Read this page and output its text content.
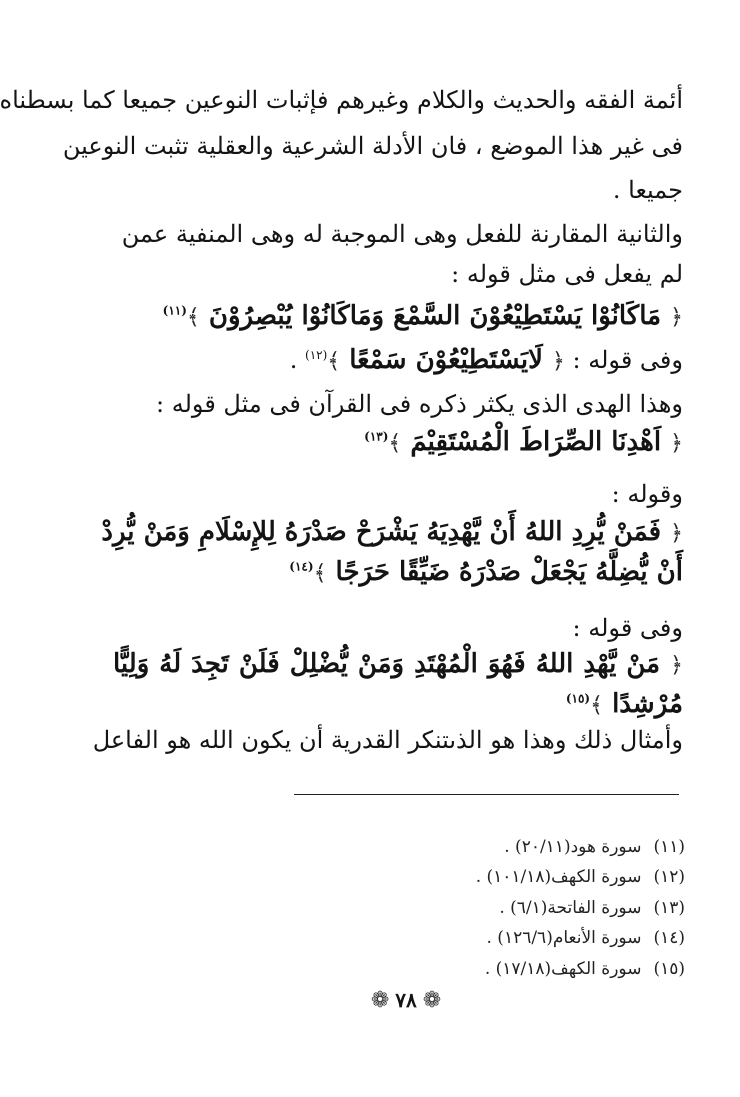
أئمة الفقه والحديث والكلام وغيرهم فإثبات النوعين جميعا كما بسطناه

فى غير هذا الموضع ، فان الأدلة الشرعية والعقلية تثبت النوعين

جميعا .

والثانية المقارنة للفعل وهى الموجبة له وهى المنفية عمن

لم يفعل فى مثل قوله :

﴿ مَاكَانُوْا يَسْتَطِيْعُوْنَ السَّمْعَ وَمَاكَانُوْا يُبْصِرُوْنَ ﴾$^{(١١)}$

وفى قوله : ﴿ لَايَسْتَطِيْعُوْنَ سَمْعًا ﴾$^{(١٢)}$ .

وهذا الهدى الذى يكثر ذكره فى القرآن فى مثل قوله :

﴿ اَهْدِنَا الصِّرَاطَ الْمُسْتَقِيْمَ ﴾$^{(١٣)}$

وقوله :

﴿ فَمَنْ يُّرِدِ اللهُ أَنْ يَّهْدِيَهُ يَشْرَحْ صَدْرَهُ لِلإِسْلَامِ وَمَنْ يُّرِدْ

أَنْ يُّضِلَّهُ يَجْعَلْ صَدْرَهُ ضَيِّقًا حَرَجًا ﴾$^{(١٤)}$

وفى قوله :

﴿ مَنْ يَّهْدِ اللهُ فَهُوَ الْمُهْتَدِ وَمَنْ يُّضْلِلْ فَلَنْ تَجِدَ لَهُ وَلِيًّا

مُرْشِدًا ﴾$^{(١٥)}$

وأمثال ذلك وهذا هو الذىتنكر القدرية أن يكون الله هو الفاعل

(١١)سورة هود(٢٠/١١) .

(١٢)سورة الكهف(١٠١/١٨) .

(١٣)سورة الفاتحة(٦/١) .

(١٤)سورة الأنعام(١٢٦/٦) .

(١٥)سورة الكهف(١٧/١٨) .

❁ ٧٨ ❁
